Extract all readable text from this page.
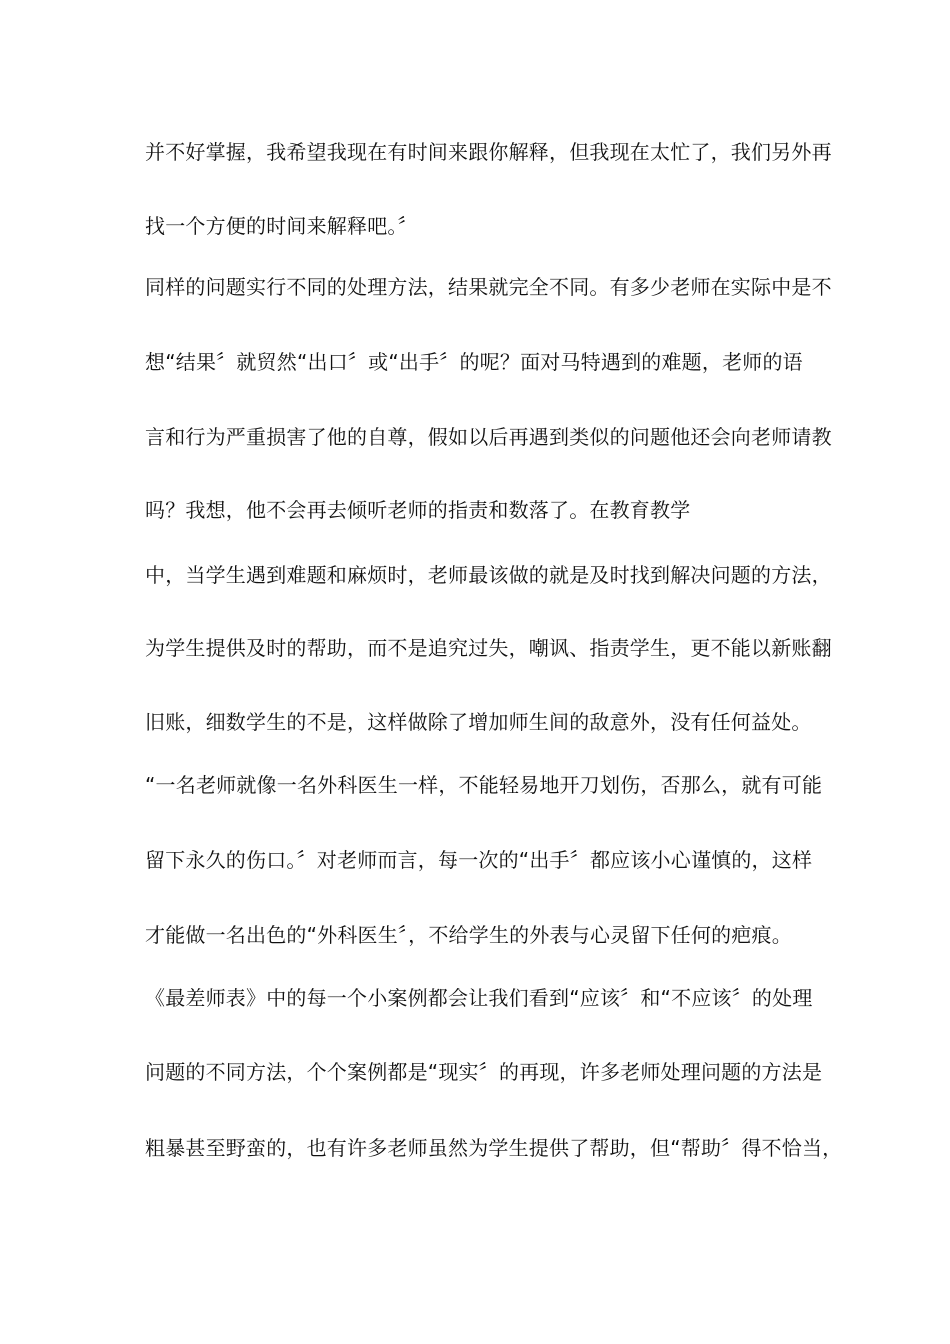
并不好掌握，我希望我现在有时间来跟你解释，但我现在太忙了，我们另外再
找一个方便的时间来解释吧。〞
同样的问题实行不同的处理方法，结果就完全不同。有多少老师在实际中是不
想“结果〞就贸然“出口〞或“出手〞的呢？面对马特遇到的难题，老师的语
言和行为严重损害了他的自尊，假如以后再遇到类似的问题他还会向老师请教
吗？我想，他不会再去倾听老师的指责和数落了。在教育教学
中，当学生遇到难题和麻烦时，老师最该做的就是及时找到解决问题的方法，
为学生提供及时的帮助，而不是追究过失，嘲讽、指责学生，更不能以新账翻
旧账，细数学生的不是，这样做除了增加师生间的敌意外，没有任何益处。
“一名老师就像一名外科医生一样，不能轻易地开刀划伤，否那么，就有可能
留下永久的伤口。〞对老师而言，每一次的“出手〞都应该小心谨慎的，这样
才能做一名出色的“外科医生〞，不给学生的外表与心灵留下任何的疤痕。
《最差师表》中的每一个小案例都会让我们看到“应该〞和“不应该〞的处理
问题的不同方法，个个案例都是“现实〞的再现，许多老师处理问题的方法是
粗暴甚至野蛮的，也有许多老师虽然为学生提供了帮助，但“帮助〞得不恰当，
